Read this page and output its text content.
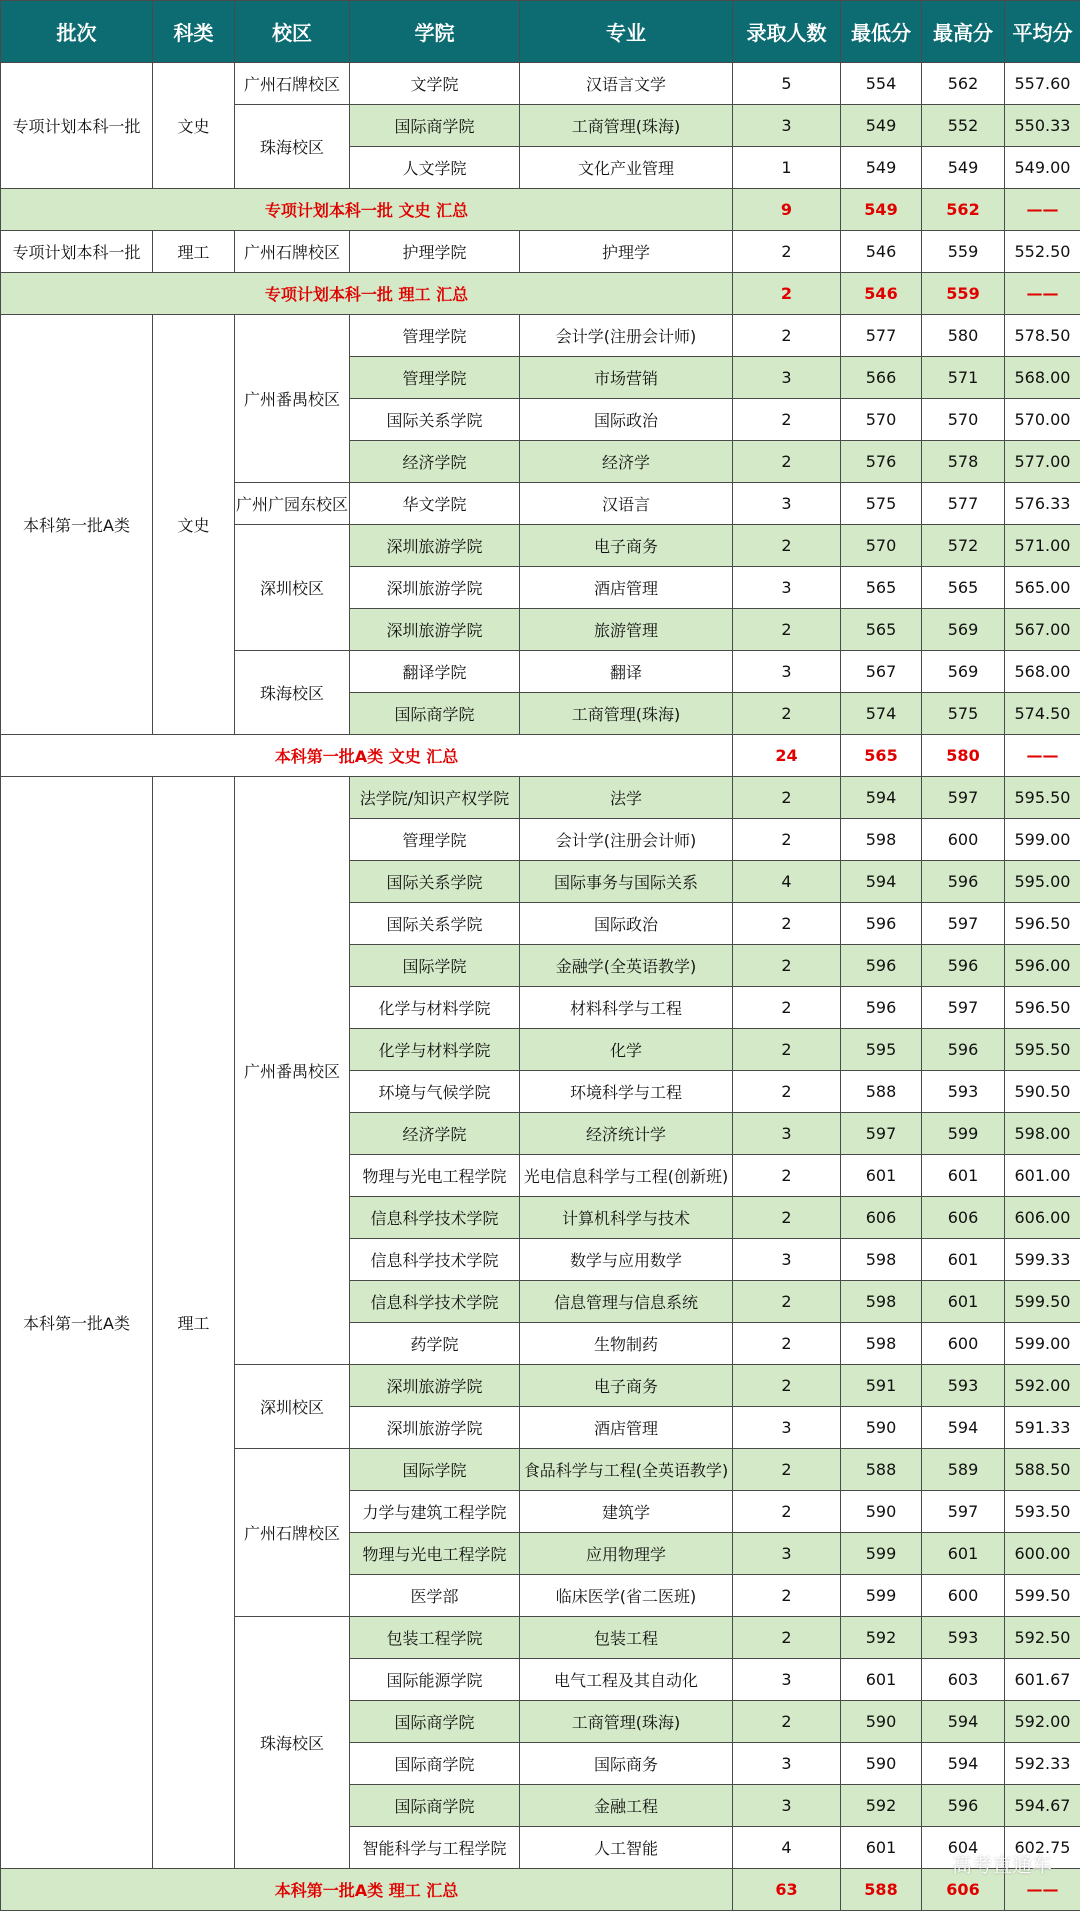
批次	科类	校区	学院	专业	录取人数	最低分	最高分	平均分
专项计划本科一批	文史	广州石牌校区	文学院	汉语言文学	5	554	562	557.60
		珠海校区	国际商学院	工商管理(珠海)	3	549	552	550.33
			人文学院	文化产业管理	1	549	549	549.00
专项计划本科一批 文史 汇总					9	549	562	——
专项计划本科一批	理工	广州石牌校区	护理学院	护理学	2	546	559	552.50
专项计划本科一批 理工 汇总					2	546	559	——
本科第一批A类	文史	广州番禺校区	管理学院	会计学(注册会计师)	2	577	580	578.50
			管理学院	市场营销	3	566	571	568.00
			国际关系学院	国际政治	2	570	570	570.00
			经济学院	经济学	2	576	578	577.00
		广州广园东校区	华文学院	汉语言	3	575	577	576.33
		深圳校区	深圳旅游学院	电子商务	2	570	572	571.00
			深圳旅游学院	酒店管理	3	565	565	565.00
			深圳旅游学院	旅游管理	2	565	569	567.00
		珠海校区	翻译学院	翻译	3	567	569	568.00
			国际商学院	工商管理(珠海)	2	574	575	574.50
本科第一批A类 文史 汇总					24	565	580	——
本科第一批A类	理工	广州番禺校区	法学院/知识产权学院	法学	2	594	597	595.50
			管理学院	会计学(注册会计师)	2	598	600	599.00
			国际关系学院	国际事务与国际关系	4	594	596	595.00
			国际关系学院	国际政治	2	596	597	596.50
			国际学院	金融学(全英语教学)	2	596	596	596.00
			化学与材料学院	材料科学与工程	2	596	597	596.50
			化学与材料学院	化学	2	595	596	595.50
			环境与气候学院	环境科学与工程	2	588	593	590.50
			经济学院	经济统计学	3	597	599	598.00
			物理与光电工程学院	光电信息科学与工程(创新班)	2	601	601	601.00
			信息科学技术学院	计算机科学与技术	2	606	606	606.00
			信息科学技术学院	数学与应用数学	3	598	601	599.33
			信息科学技术学院	信息管理与信息系统	2	598	601	599.50
			药学院	生物制药	2	598	600	599.00
		深圳校区	深圳旅游学院	电子商务	2	591	593	592.00
			深圳旅游学院	酒店管理	3	590	594	591.33
		广州石牌校区	国际学院	食品科学与工程(全英语教学)	2	588	589	588.50
			力学与建筑工程学院	建筑学	2	590	597	593.50
			物理与光电工程学院	应用物理学	3	599	601	600.00
			医学部	临床医学(省二医班)	2	599	600	599.50
		珠海校区	包装工程学院	包装工程	2	592	593	592.50
			国际能源学院	电气工程及其自动化	3	601	603	601.67
			国际商学院	工商管理(珠海)	2	590	594	592.00
			国际商学院	国际商务	3	590	594	592.33
			国际商学院	金融工程	3	592	596	594.67
			智能科学与工程学院	人工智能	4	601	604	602.75
本科第一批A类 理工 汇总					63	588	606	——
高考直通车
